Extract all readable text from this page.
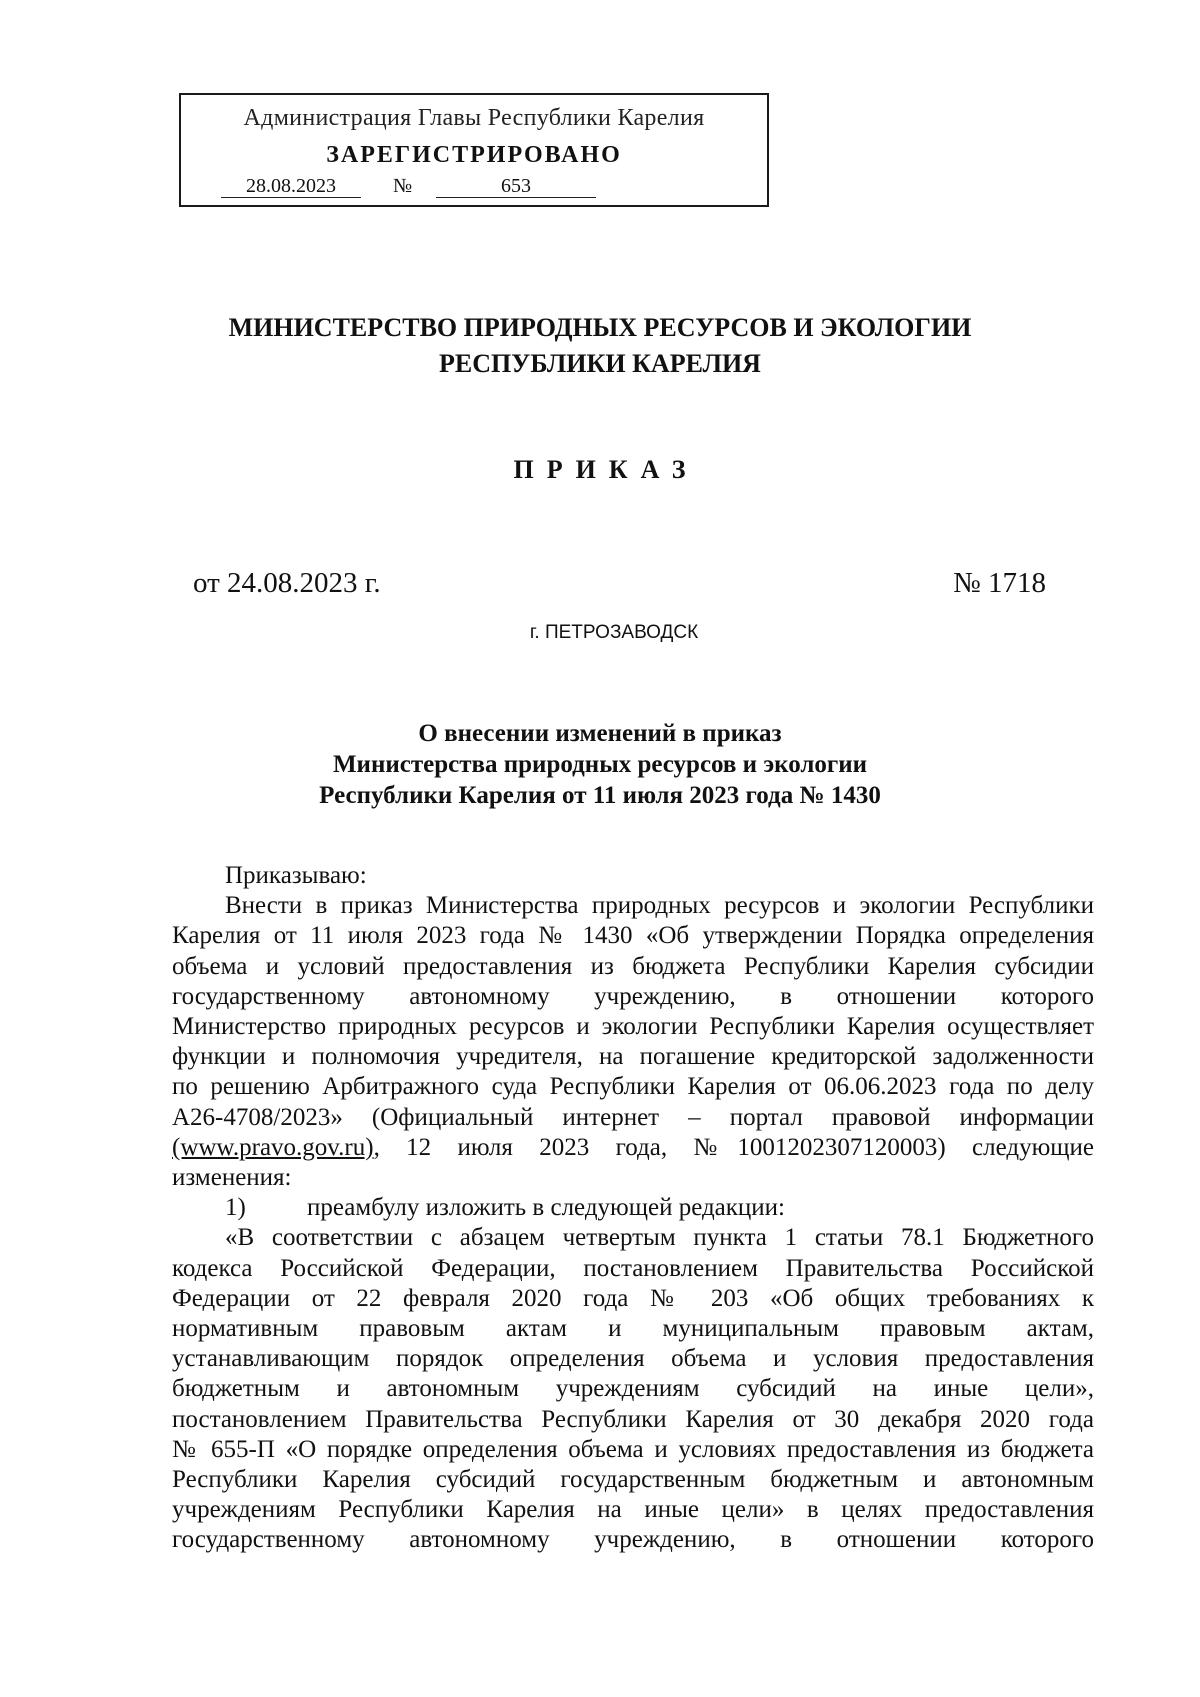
Администрация Главы Республики Карелия
ЗАРЕГИСТРИРОВАНО
28.08.2023	№	653
МИНИСТЕРСТВО ПРИРОДНЫХ РЕСУРСОВ И ЭКОЛОГИИ
РЕСПУБЛИКИ КАРЕЛИЯ
ПРИКАЗ
от 24.08.2023 г.	№ 1718
г. ПЕТРОЗАВОДСК
О внесении изменений в приказ
Министерства природных ресурсов и экологии
Республики Карелия от 11 июля 2023 года № 1430

Приказываю:

Внести в приказ Министерства природных ресурсов и экологии Республики

Карелия от 11 июля 2023 года № 1430 «Об утверждении Порядка определения

объема и условий предоставления из бюджета Республики Карелия субсидии

государственному автономному учреждению, в отношении которого

Министерство природных ресурсов и экологии Республики Карелия осуществляет

функции и полномочия учредителя, на погашение кредиторской задолженности

по решению Арбитражного суда Республики Карелия от 06.06.2023 года по делу

А26-4708/2023» (Официальный интернет – портал правовой информации

(www.pravo.gov.ru), 12 июля 2023 года, №1001202307120003) следующие

изменения:

1) преамбулу изложить в следующей редакции:

«В соответствии с абзацем четвертым пункта 1 статьи 78.1 Бюджетного

кодекса Российской Федерации, постановлением Правительства Российской

Федерации от 22 февраля 2020 года № 203 «Об общих требованиях к

нормативным правовым актам и муниципальным правовым актам,

устанавливающим порядок определения объема и условия предоставления

бюджетным и автономным учреждениям субсидий на иные цели»,

постановлением Правительства Республики Карелия от 30 декабря 2020 года

№ 655-П «О порядке определения объема и условиях предоставления из бюджета

Республики Карелия субсидий государственным бюджетным и автономным

учреждениям Республики Карелия на иные цели» в целях предоставления

государственному автономному учреждению, в отношении которого
